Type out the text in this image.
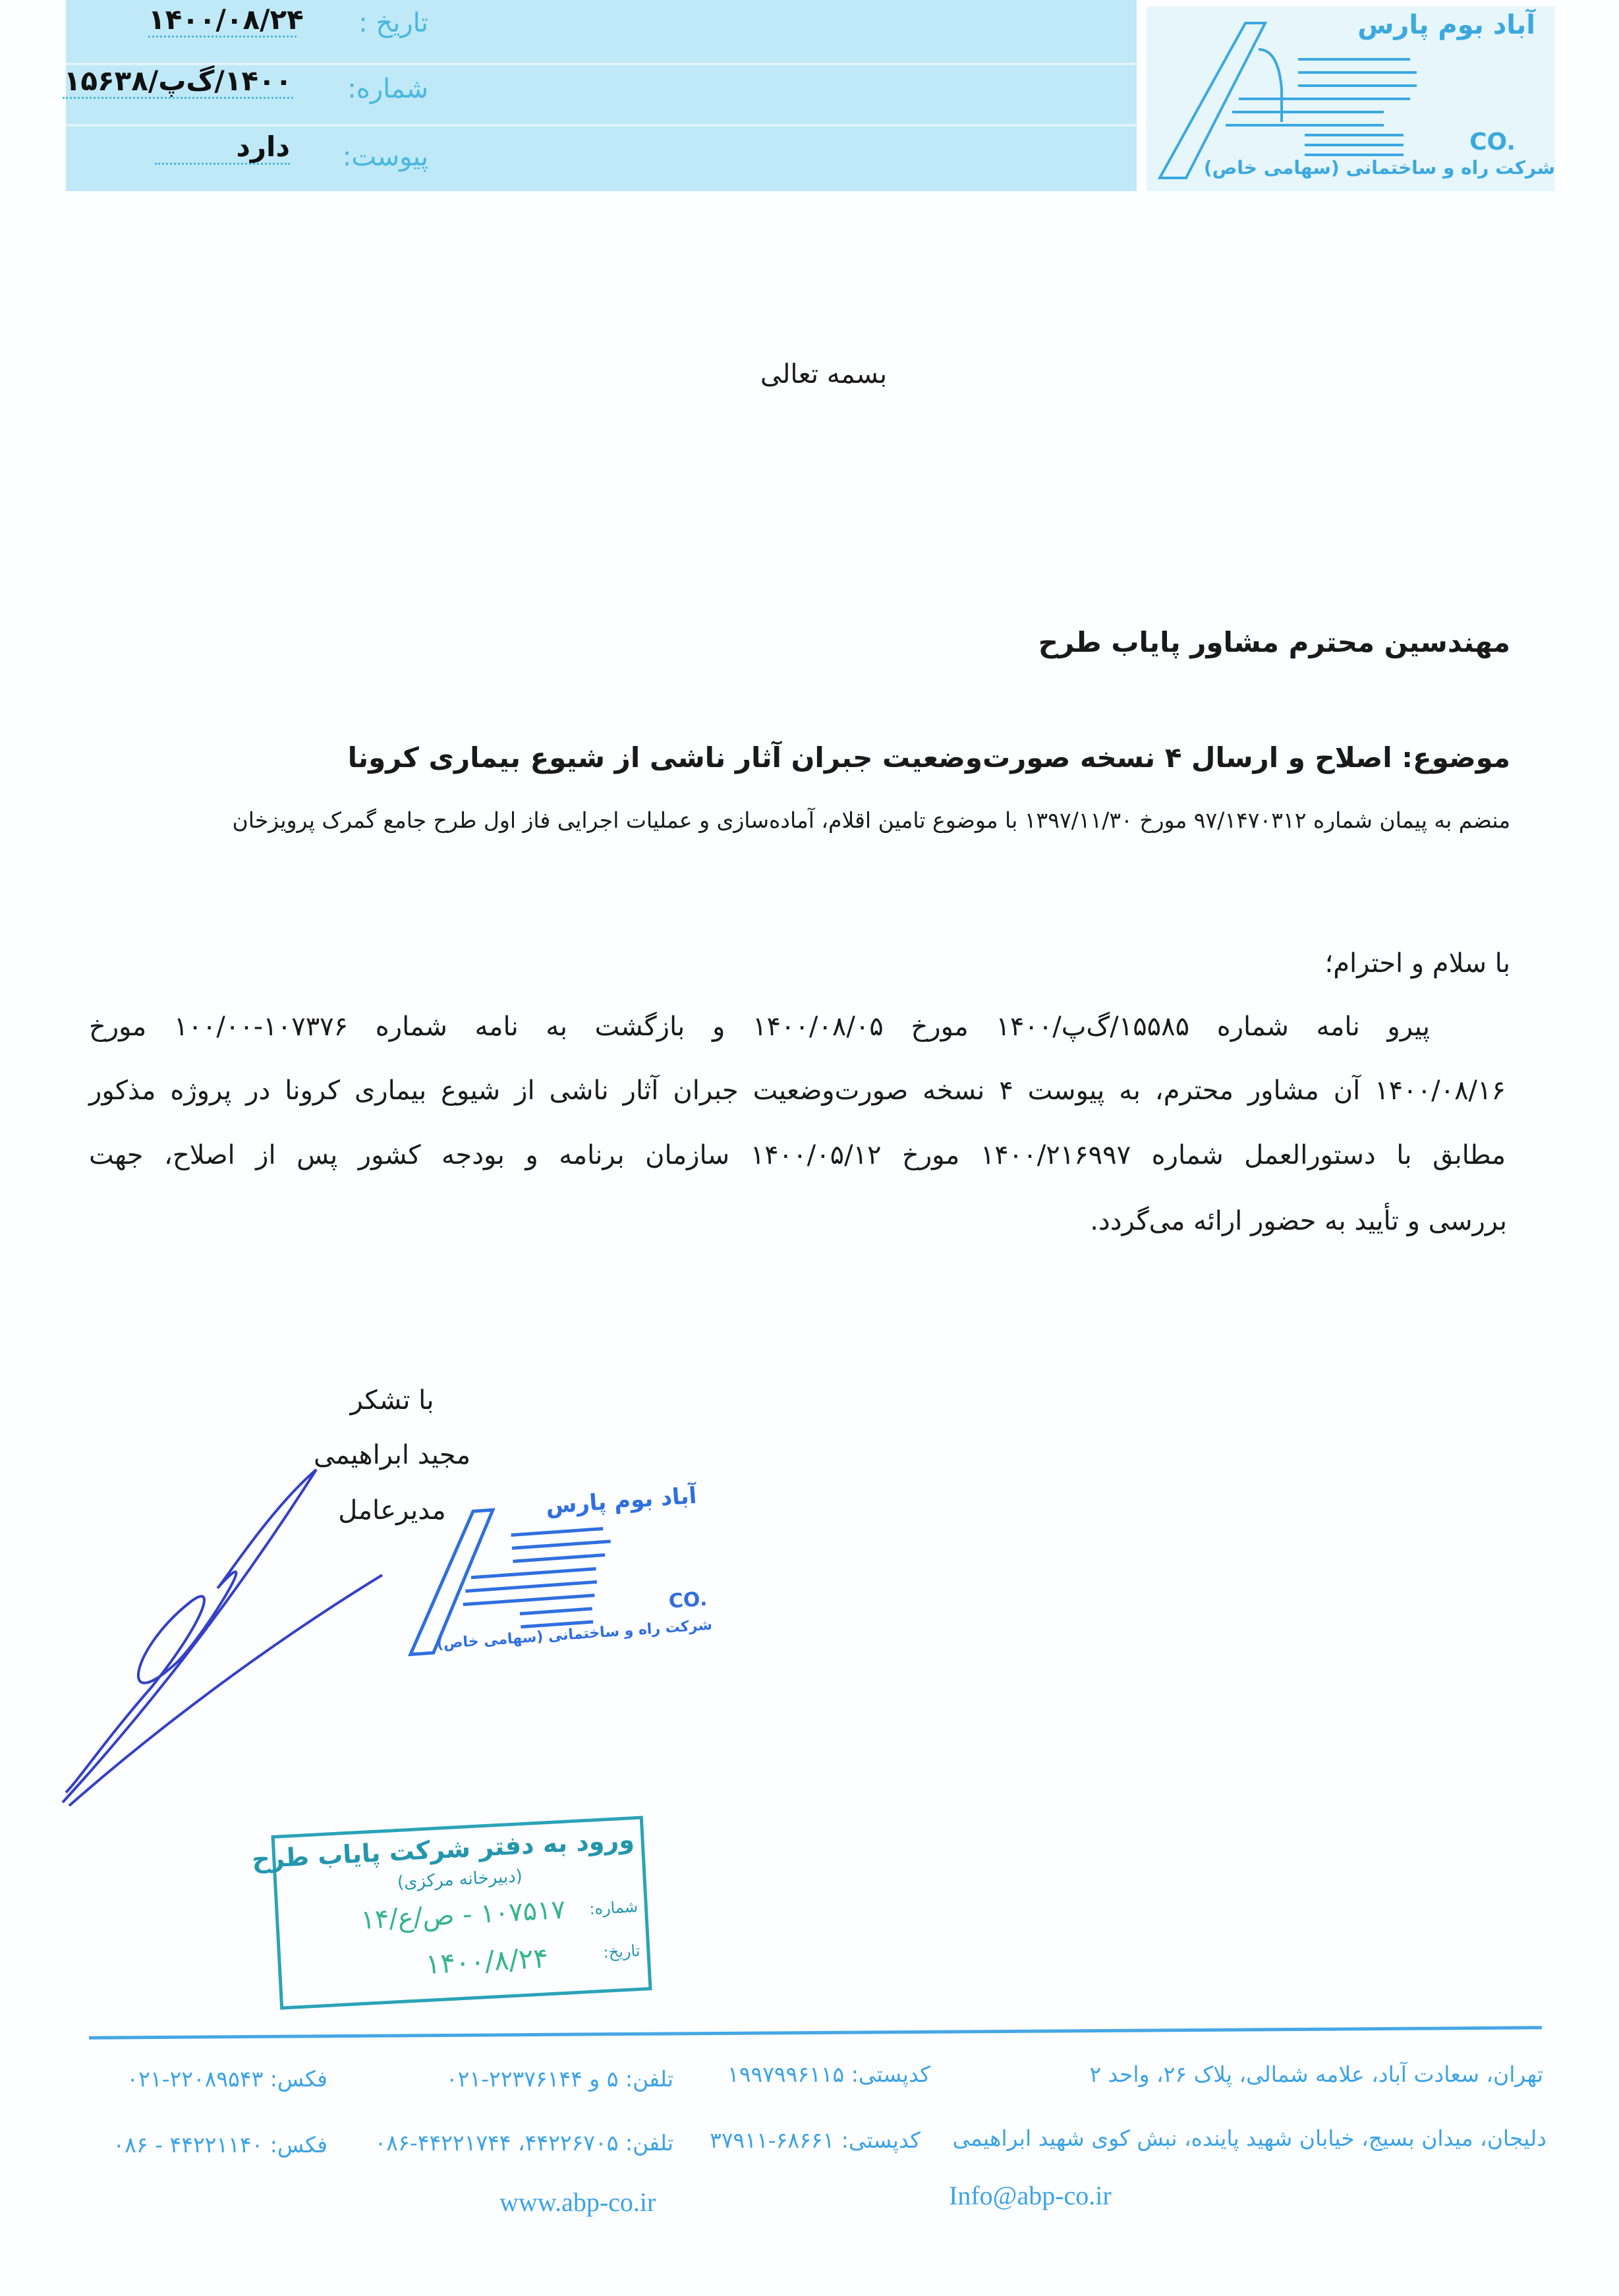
تاریخ :
۱۴۰۰/۰۸/۲۴
شماره:
۱۴۰۰/گ‌پ/۱۵۶۳۸
پیوست:
دارد
آباد بوم پارس
CO.
شرکت راه و ساختمانی (سهامی خاص)
بسمه تعالی
مهندسین محترم مشاور پایاب طرح
موضوع: اصلاح و ارسال ۴ نسخه صورت‌وضعیت جبران آثار ناشی از شیوع بیماری کرونا
منضم به پیمان شماره ۹۷/۱۴۷۰۳۱۲ مورخ ۱۳۹۷/۱۱/۳۰ با موضوع تامین اقلام، آماده‌سازی و عملیات اجرایی فاز اول طرح جامع گمرک پرویزخان
با سلام و احترام؛
پیرو نامه شماره ۱۵۵۸۵/گ‌پ/۱۴۰۰ مورخ ۱۴۰۰/۰۸/۰۵ و بازگشت به نامه شماره ۱۰۷۳۷۶-۱۰۰/۰۰ مورخ
۱۴۰۰/۰۸/۱۶ آن مشاور محترم، به پیوست ۴ نسخه صورت‌وضعیت جبران آثار ناشی از شیوع بیماری کرونا در پروژه مذکور
مطابق با دستورالعمل شماره ۱۴۰۰/۲۱۶۹۹۷ مورخ ۱۴۰۰/۰۵/۱۲ سازمان برنامه و بودجه کشور پس از اصلاح، جهت
بررسی و تأیید به حضور ارائه می‌گردد.
با تشکر
مجید ابراهیمی
مدیرعامل	آباد بوم پارس
CO.
شرکت راه و ساختمانی (سهامی خاص)
ورود به دفتر شرکت پایاب طرح
(دبیرخانه مرکزی)
شماره:
۱۰۷۵۱۷ - ص/ع/۱۴
تاریخ:
۱۴۰۰/۸/۲۴
تهران، سعادت آباد، علامه شمالی، پلاک ۲۶، واحد ۲
کدپستی: ۱۹۹۷۹۹۶۱۱۵
تلفن: ۵ و ۲۲۳۷۶۱۴۴-۰۲۱
فکس: ۲۲۰۸۹۵۴۳-۰۲۱
دلیجان، میدان بسیج، خیابان شهید پاینده، نبش کوی شهید ابراهیمی
کدپستی: ۶۸۶۶۱-۳۷۹۱۱
تلفن: ۴۴۲۲۶۷۰۵، ۴۴۲۲۱۷۴۴-۰۸۶
فکس: ۴۴۲۲۱۱۴۰ - ۰۸۶
www.abp-co.ir	Info@abp-co.ir
